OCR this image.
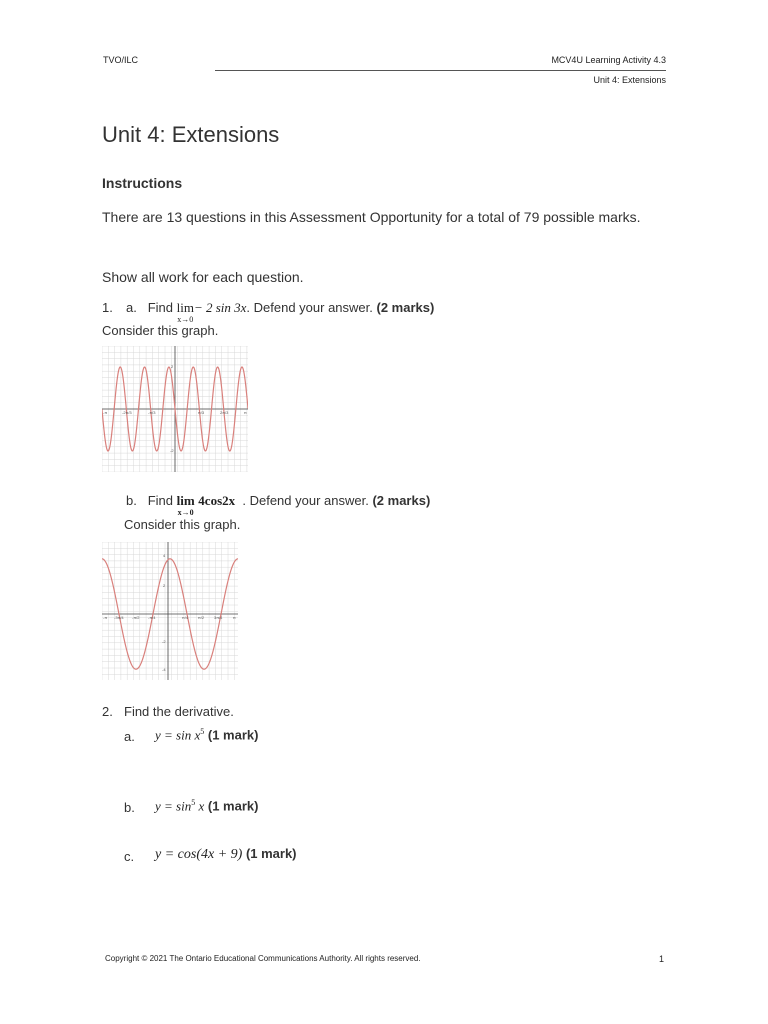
TVO/ILC	MCV4U Learning Activity 4.3
Unit 4: Extensions
Unit 4: Extensions
Instructions
There are 13 questions in this Assessment Opportunity for a total of 79 possible marks.
Show all work for each question.
1. a. Find lim
x→0
− 2 sin 3x. Defend your answer. (2 marks)
Consider this graph.
-π	-2π/3	-π/3	π/3	2π/3	π
2
-2
b. Find lim
x→0
4cos2x . Defend your answer. (2 marks)
Consider this graph.
-π -3π/4 -π/2 -π/4	π/4 π/2 3π/4	π
4
2
-2
-4
2. Find the derivative.
a. $y = \sin x^5$ (1 mark)
b. $y = \sin^5 x$ (1 mark)
c. y = cos(4x + 9) (1 mark)
Copyright © 2021 The Ontario Educational Communications Authority. All rights reserved.	1
